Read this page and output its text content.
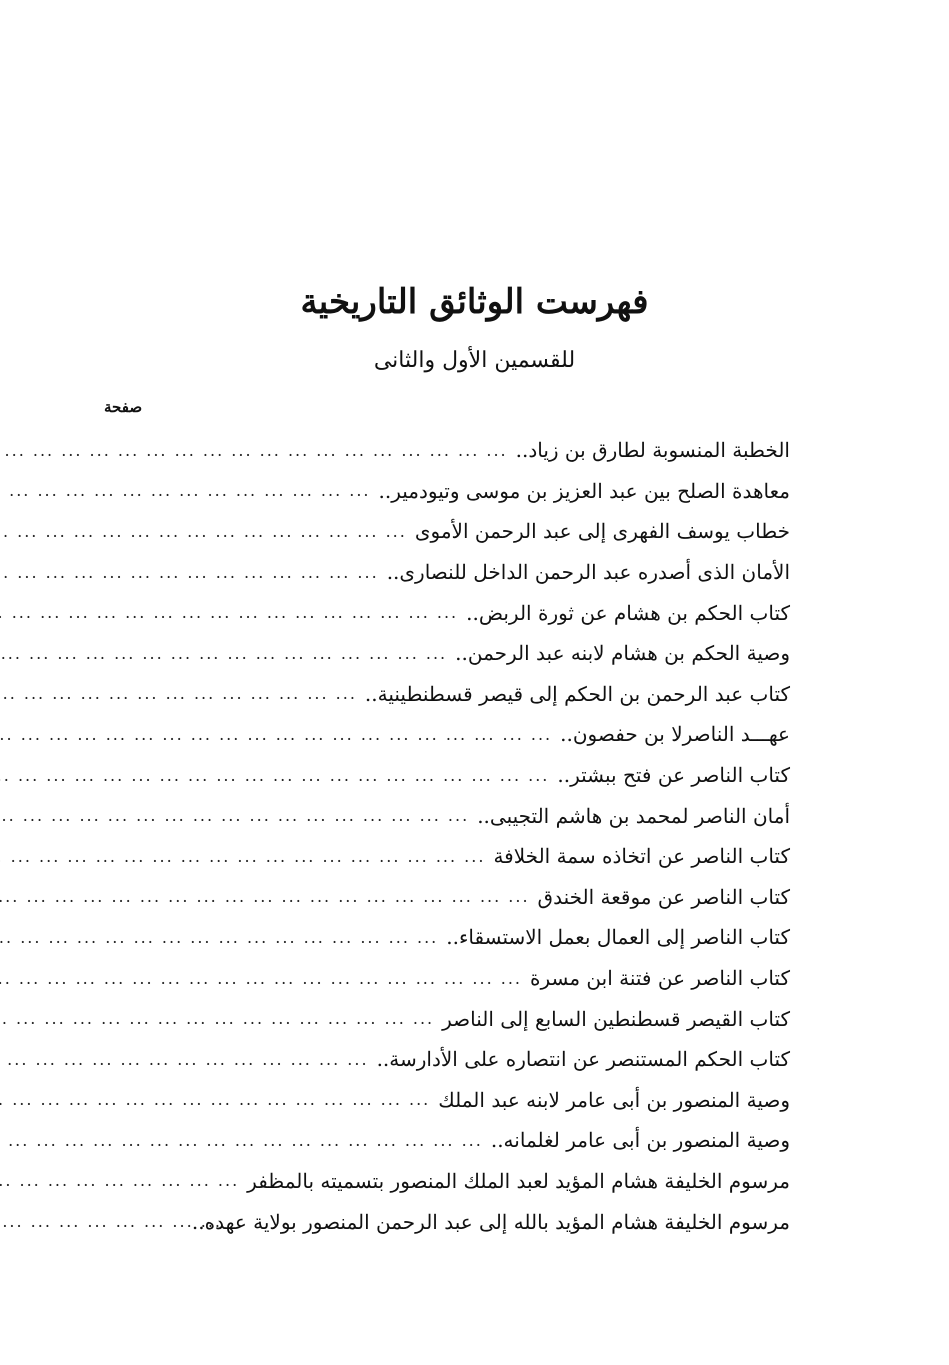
فهرست الوثائق التاريخية
للقسمين الأول والثانى
صفحة
الخطبة المنسوبة لطارق بن زياد..
... .
معاهدة الصلح بين عبد العزيز بن موسى وتيودمير..
... .
خطاب يوسف الفهرى إلى عبد الرحمن الأموى
... .
الأمان الذى أصدره عبد الرحمن الداخل للنصارى..
... .
كتاب الحكم بن هشام عن ثورة الربض..
... .
وصية الحكم بن هشام لابنه عبد الرحمن..
... .
كتاب عبد الرحمن بن الحكم إلى قيصر قسطنطينية..
... .
عهـــد الناصرلا بن حفصون..
... .
كتاب الناصر عن فتح ببشتر..
... .
أمان الناصر لمحمد بن هاشم التجيبى..
... .
كتاب الناصر عن اتخاذه سمة الخلافة
... .
كتاب الناصر عن موقعة الخندق
... .
كتاب الناصر إلى العمال بعمل الاستسقاء..
... .
كتاب الناصر عن فتنة ابن مسرة
... .
كتاب القيصر قسطنطين السابع إلى الناصر
... .
كتاب الحكم المستنصر عن انتصاره على الأدارسة..
... .
وصية المنصور بن أبى عامر لابنه عبد الملك
... .
وصية المنصور بن أبى عامر لغلمانه..
... .
مرسوم الخليفة هشام المؤيد لعبد الملك المنصور بتسميته بالمظفر
... .
مرسوم الخليفة هشام المؤيد بالله إلى عبد الرحمن المنصور بولاية عهده..
... .
